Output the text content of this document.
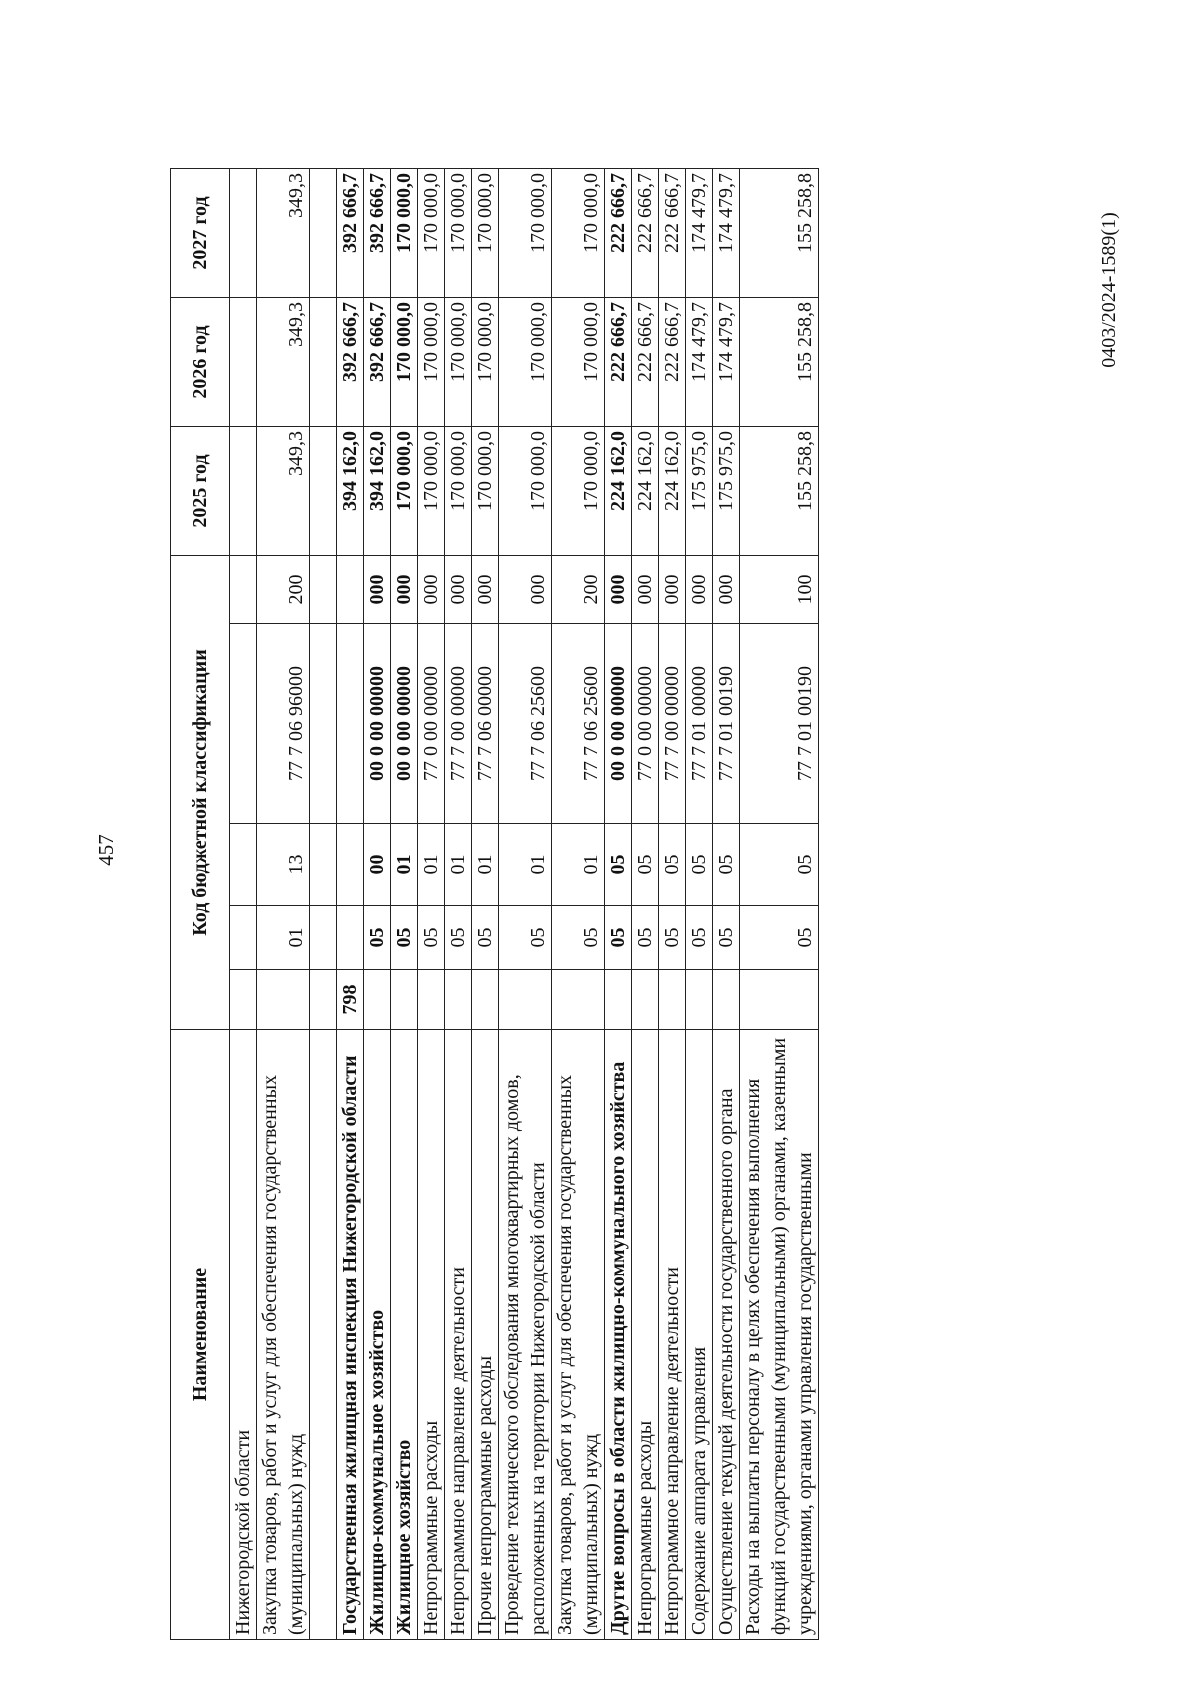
457
Наименование	Код бюджетной классификации					2025 год	2026 год	2027 год
Нижегородской области								
Закупка товаров, работ и услуг для обеспечения государственных (муниципальных) нужд		01	13	77 7 06 96000	200	349,3	349,3	349,3

Государственная жилищная инспекция Нижегородской области	798					394 162,0	392 666,7	392 666,7
Жилищно-коммунальное хозяйство		05	00	00 0 00 00000	000	394 162,0	392 666,7	392 666,7
Жилищное хозяйство		05	01	00 0 00 00000	000	170 000,0	170 000,0	170 000,0
Непрограммные расходы		05	01	77 0 00 00000	000	170 000,0	170 000,0	170 000,0
Непрограммное направление деятельности		05	01	77 7 00 00000	000	170 000,0	170 000,0	170 000,0
Прочие непрограммные расходы		05	01	77 7 06 00000	000	170 000,0	170 000,0	170 000,0
Проведение технического обследования многоквартирных домов, расположенных на территории Нижегородской области		05	01	77 7 06 25600	000	170 000,0	170 000,0	170 000,0
Закупка товаров, работ и услуг для обеспечения государственных (муниципальных) нужд		05	01	77 7 06 25600	200	170 000,0	170 000,0	170 000,0
Другие вопросы в области жилищно-коммунального хозяйства		05	05	00 0 00 00000	000	224 162,0	222 666,7	222 666,7
Непрограммные расходы		05	05	77 0 00 00000	000	224 162,0	222 666,7	222 666,7
Непрограммное направление деятельности		05	05	77 7 00 00000	000	224 162,0	222 666,7	222 666,7
Содержание аппарата управления		05	05	77 7 01 00000	000	175 975,0	174 479,7	174 479,7
Осуществление текущей деятельности государственного органа		05	05	77 7 01 00190	000	175 975,0	174 479,7	174 479,7
Расходы на выплаты персоналу в целях обеспечения выполнения функций государственными (муниципальными) органами, казенными учреждениями, органами управления государственными		05	05	77 7 01 00190	100	155 258,8	155 258,8	155 258,8	0403/2024-1589(1)
